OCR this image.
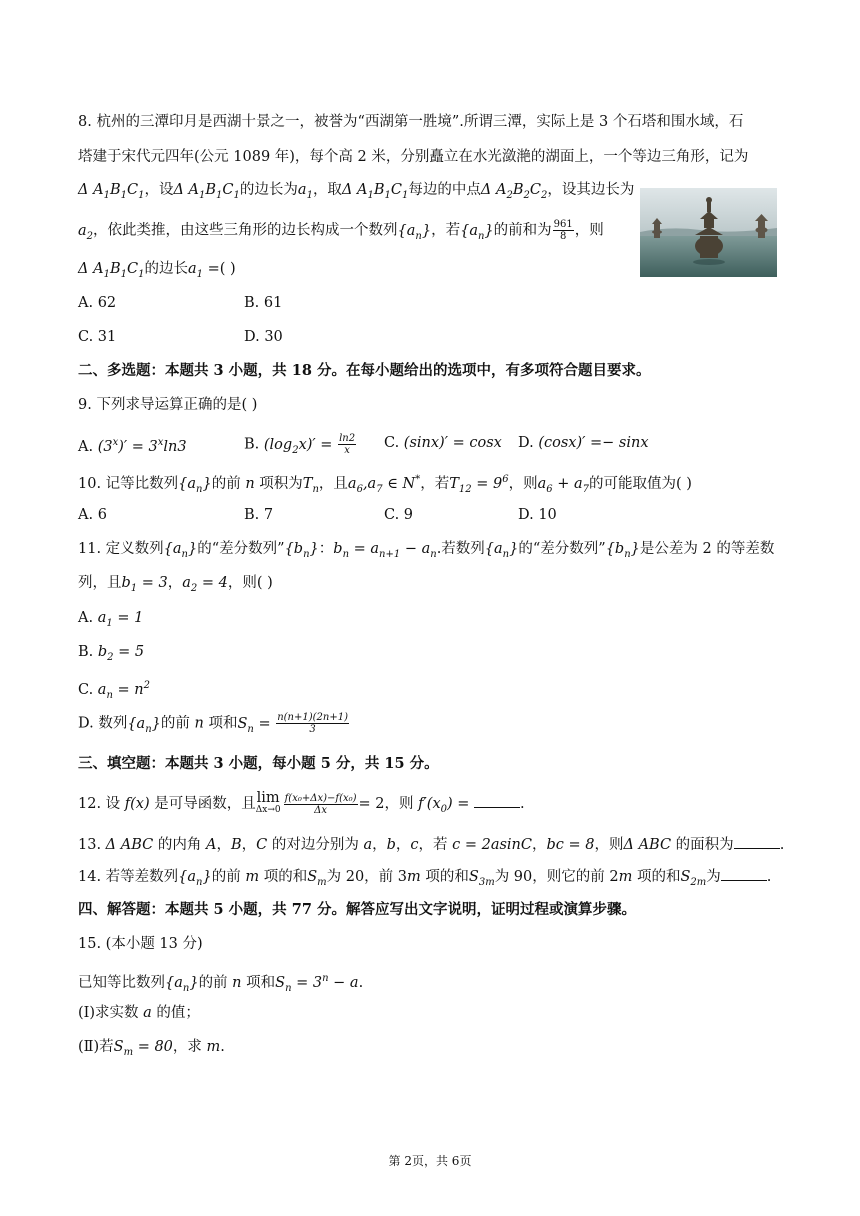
8. 杭州的三潭印月是西湖十景之一，被誉为“西湖第一胜境”.所谓三潭，实际上是 3 个石塔和围水域，石
塔建于宋代元四年(公元 1089 年)，每个高 2 米，分别矗立在水光潋滟的湖面上，一个等边三角形，记为
Δ $A_1B_1C_1$，设Δ $A_1B_1C_1$的边长为$a_1$，取Δ $A_1B_1C_1$每边的中点Δ $A_2B_2C_2$，设其边长为
$a_2$，依此类推，由这些三角形的边长构成一个数列$\{a_n\}$，若$\{a_n\}$的前和为 $\frac{961}{8}$ ，则
Δ $A_1B_1C_1$的边长$a_1$ =( )
A. 62	B. 61
C. 31	D. 30
二、多选题：本题共 3 小题，共 18 分。在每小题给出的选项中，有多项符合题目要求。
9. 下列求导运算正确的是( )
A. $(3^x)' = 3^x\ln 3$	B. $(\log_2x)' = \frac{\ln 2}{x} C$. (sinx)′ = cosx D. (cosx)′ =− sinx
10. 记等比数列$\{a_n\}$的前 n 项积为$T_n$，且$a_6,a_7$ ∈ N*，若$T_{12} = 9^6$，则$a_6 + a_7$的可能取值为( )
A. 6	B. 7	C. 9	D. 10
11. 定义数列$\{a_n\}$的“差分数列$”\{b_n\}$：$b_n = a_{n+1} - a_n$.若数列$\{a_n\}$的“差分数列$”\{b_n\}$是公差为 2 的等差数
列，且$b_1 = 3$，$a_2 = 4$，则( )
A. $a_1 = 1$
B. $b_2 = 5$
C. $a_n = n^2$
D. 数列$\{a_n\}$的前 n 项和$S_n = \frac{n(n+1)(2n+1)}{3}$
三、填空题：本题共 3 小题，每小题 5 分，共 15 分。
12. 设 f(x) 是可导函数，且lim
$\Delta x\to 0 \frac{\text{f(x₀+Δx)−f(x₀)}}{\Delta x} = 2$，则 $f'(x_0)$ =	.
13. Δ ABC 的内角 A，B，C 的对边分别为 a，b，c，若 c = 2asinC，bc = 8，则Δ ABC 的面积为	.
14. 若等差数列$\{a_n\}$的前 m 项的和$S_m$为 20，前 3m 项的和$S_{3m}$为 90，则它的前 2m 项的和$S_{2m}$为	.
四、解答题：本题共 5 小题，共 77 分。解答应写出文字说明，证明过程或演算步骤。
15. (本小题 13 分)
已知等比数列$\{a_n\}$的前 n 项和$S_n = 3^n - a$.
(Ⅰ)求实数 a 的值；
(Ⅱ)若$S_m = 80$，求 m.
第 2页，共 6页
